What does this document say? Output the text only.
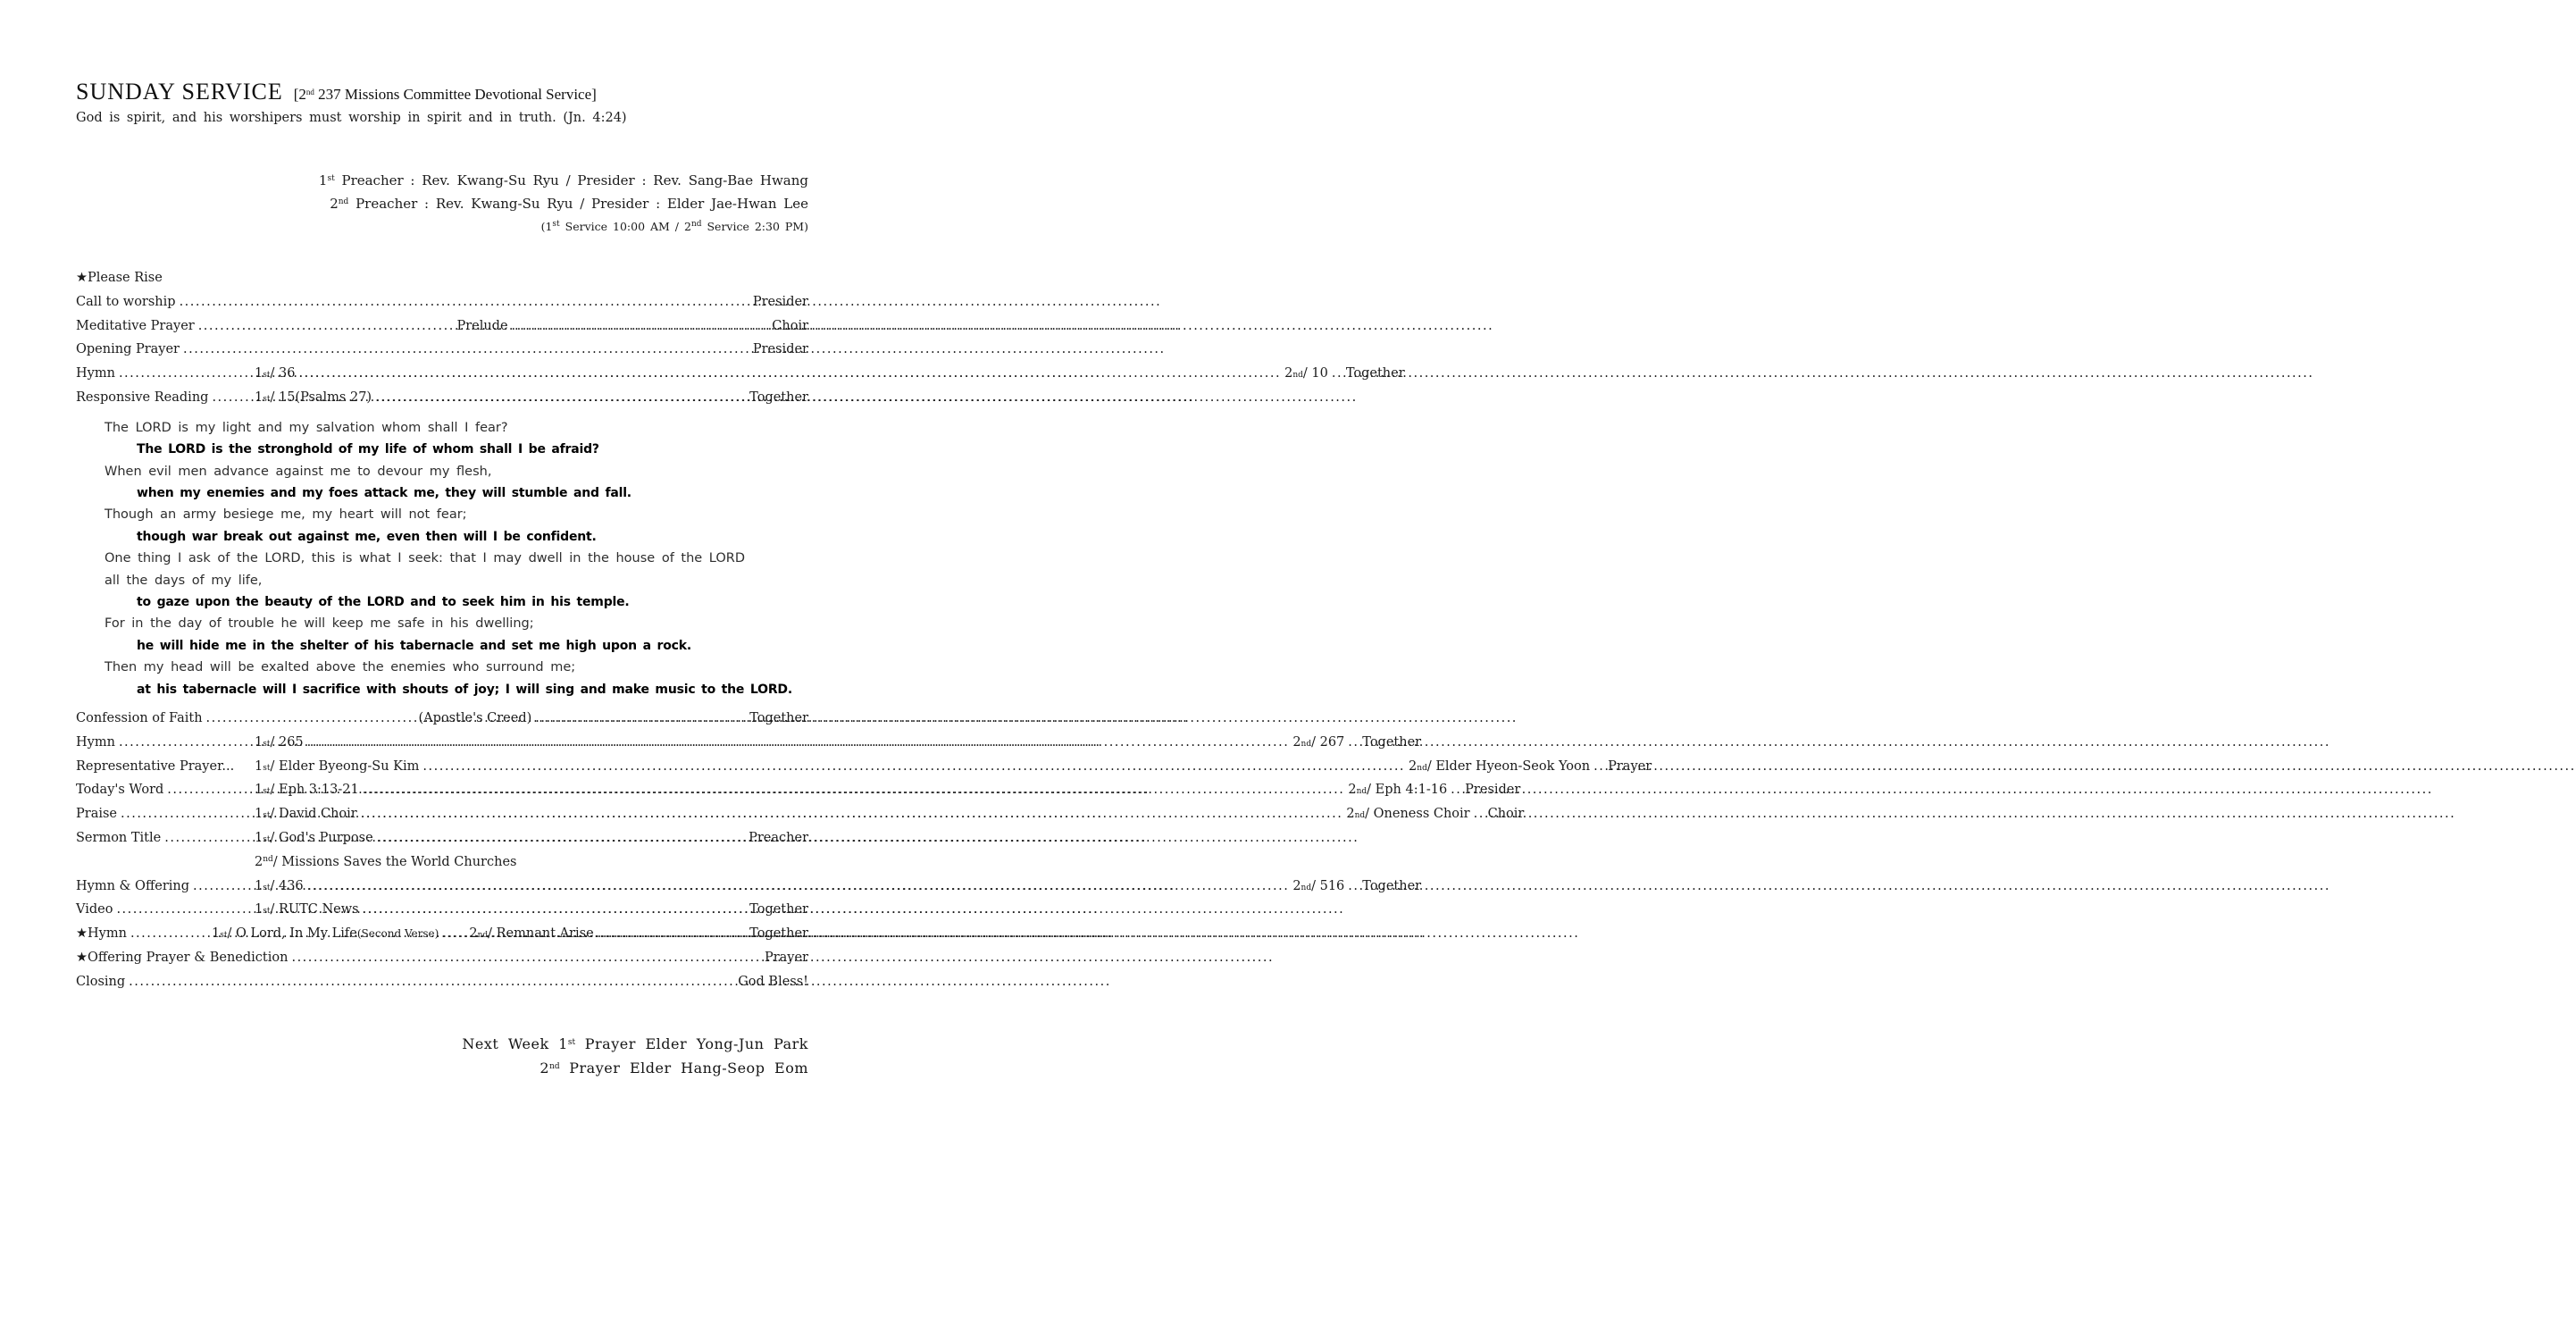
SUNDAY SERVICE [2nd 237 Missions Committee Devotional Service]
God is spirit, and his worshipers must worship in spirit and in truth. (Jn. 4:24)
1st Preacher : Rev. Kwang-Su Ryu / Presider : Rev. Sang-Bae Hwang
2nd Preacher : Rev. Kwang-Su Ryu / Presider : Elder Jae-Hwan Lee
(1st Service 10:00 AM / 2nd Service 2:30 PM)
★ Please Rise
Call to worship .....	Presider
Meditative Prayer .....	Prelude .....	Choir
Opening Prayer .....	Presider
Hymn .....	1 st / 36 .....	2 nd / 10 ..... Together
Responsive Reading .....	1 st / 15(Psalms 27) .....	Together
The LORD is my light and my salvation whom shall I fear?
The LORD is the stronghold of my life of whom shall I be afraid?
When evil men advance against me to devour my flesh,
when my enemies and my foes attack me, they will stumble and fall.
Though an army besiege me, my heart will not fear;
though war break out against me, even then will I be confident.
One thing I ask of the LORD, this is what I seek: that I may dwell in the house of the LORD
all the days of my life,
to gaze upon the beauty of the LORD and to seek him in his temple.
For in the day of trouble he will keep me safe in his dwelling;
he will hide me in the shelter of his tabernacle and set me high upon a rock.
Then my head will be exalted above the enemies who surround me;
at his tabernacle will I sacrifice with shouts of joy; I will sing and make music to the LORD.
Confession of Faith .....	(Apostle's Creed) .....	Together
Hymn .....	1 st / 265 .....	2 nd / 267 ..... Together
Representative Prayer... 1 st / Elder Byeong-Su Kim .....	2 nd / Elder Hyeon-Seok Yoon ..... Prayer
Today's Word .....	1 st / Eph 3:13-21 .....	2 nd / Eph 4:1-16 ..... Presider
Praise .....	1 st / David Choir .....	2 nd / Oneness Choir ..... Choir
Sermon Title .....	1 st / God's Purpose .....	Preacher
2nd/ Missions Saves the World Churches
Hymn & Offering .....	1 st / 436 .....	2 nd / 516 ..... Together
Video .....	1 st / RUTC News .....	Together
★ Hymn .....	1 st / O Lord, In My Life (Second Verse) ..... 2 nd / Remnant Arise .....	Together
★ Offering Prayer & Benediction .....	Prayer
Closing .....	God Bless!
Next Week 1st Prayer Elder Yong-Jun Park
2nd Prayer Elder Hang-Seop Eom
